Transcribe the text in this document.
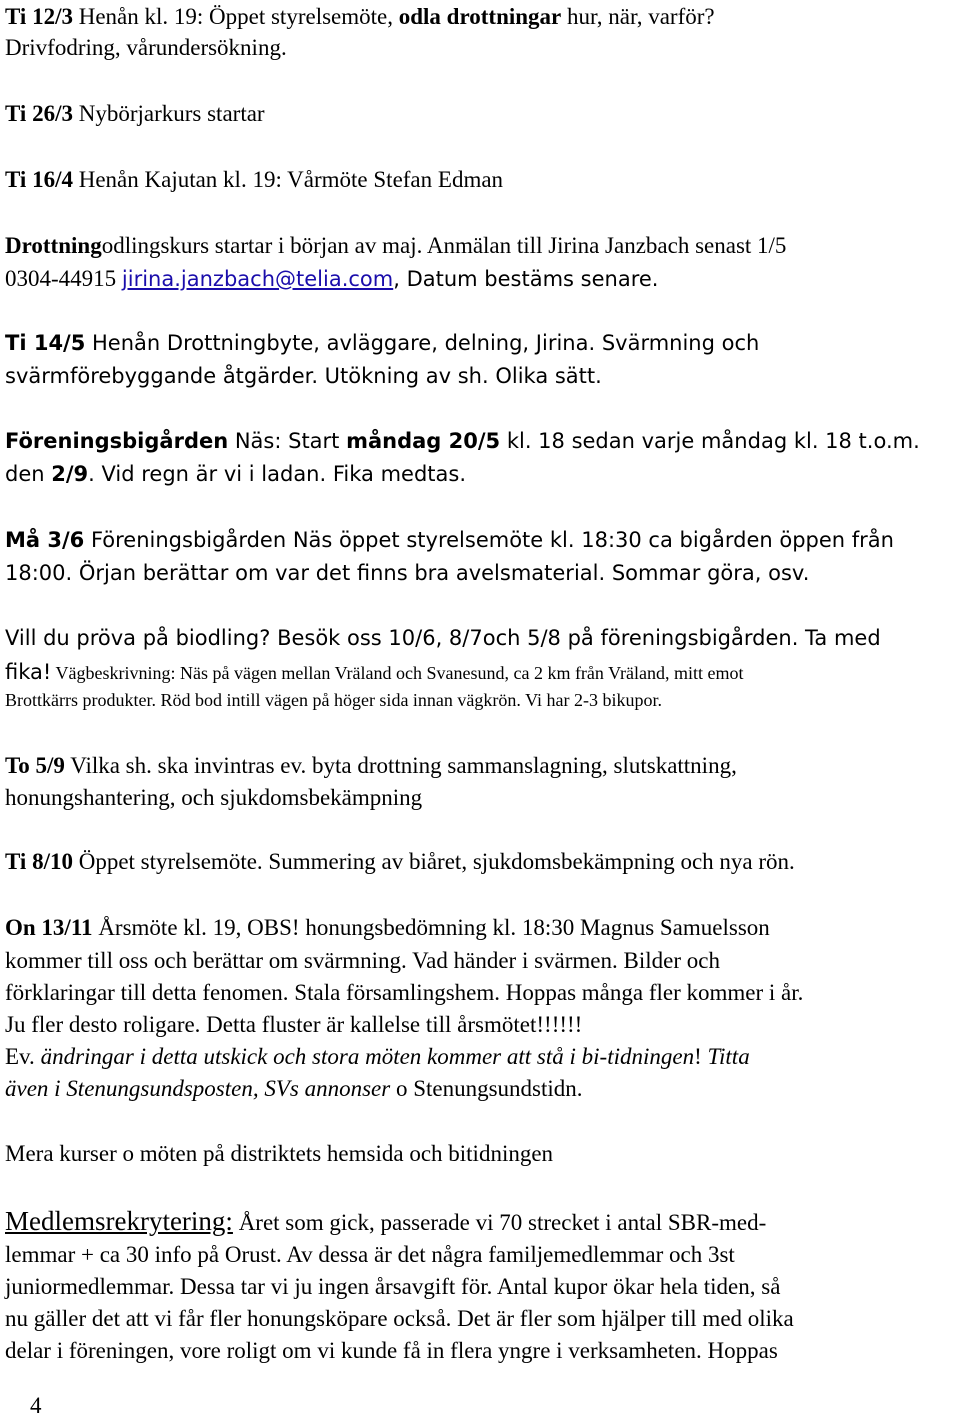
Ti 12/3 Henån kl. 19: Öppet styrelsemöte, odla drottningar hur, när, varför?
Drivfodring, vårundersökning.
Ti 26/3 Nybörjarkurs startar
Ti 16/4 Henån Kajutan kl. 19: Vårmöte Stefan Edman
Drottningodlingskurs startar i början av maj. Anmälan till Jirina Janzbach senast 1/5
0304-44915 jirina.janzbach@telia.com, Datum bestäms senare.
Ti 14/5 Henån Drottningbyte, avläggare, delning, Jirina. Svärmning och
svärmförebyggande åtgärder. Utökning av sh. Olika sätt.
Föreningsbigården Näs: Start måndag 20/5 kl. 18 sedan varje måndag kl. 18 t.o.m.
den 2/9. Vid regn är vi i ladan. Fika medtas.
Må 3/6 Föreningsbigården Näs öppet styrelsemöte kl. 18:30 ca bigården öppen från
18:00. Örjan berättar om var det finns bra avelsmaterial. Sommar göra, osv.
Vill du pröva på biodling? Besök oss 10/6, 8/7och 5/8 på föreningsbigården. Ta med
fika! Vägbeskrivning: Näs på vägen mellan Vräland och Svanesund, ca 2 km från Vräland, mitt emot
Brottkärrs produkter. Röd bod intill vägen på höger sida innan vägkrön. Vi har 2-3 bikupor.
To 5/9 Vilka sh. ska invintras ev. byta drottning sammanslagning, slutskattning,
honungshantering, och sjukdomsbekämpning
Ti 8/10 Öppet styrelsemöte. Summering av biåret, sjukdomsbekämpning och nya rön.
On 13/11 Årsmöte kl. 19, OBS! honungsbedömning kl. 18:30 Magnus Samuelsson
kommer till oss och berättar om svärmning. Vad händer i svärmen. Bilder och
förklaringar till detta fenomen. Stala församlingshem. Hoppas många fler kommer i år.
Ju fler desto roligare. Detta fluster är kallelse till årsmötet!!!!!!
Ev. ändringar i detta utskick och stora möten kommer att stå i bi-tidningen! Titta
även i Stenungsundsposten, SVs annonser o Stenungsundstidn.
Mera kurser o möten på distriktets hemsida och bitidningen
Medlemsrekrytering: Året som gick, passerade vi 70 strecket i antal SBR-med-
lemmar + ca 30 info på Orust. Av dessa är det några familjemedlemmar och 3st
juniormedlemmar. Dessa tar vi ju ingen årsavgift för. Antal kupor ökar hela tiden, så
nu gäller det att vi får fler honungsköpare också. Det är fler som hjälper till med olika
delar i föreningen, vore roligt om vi kunde få in flera yngre i verksamheten. Hoppas
4
